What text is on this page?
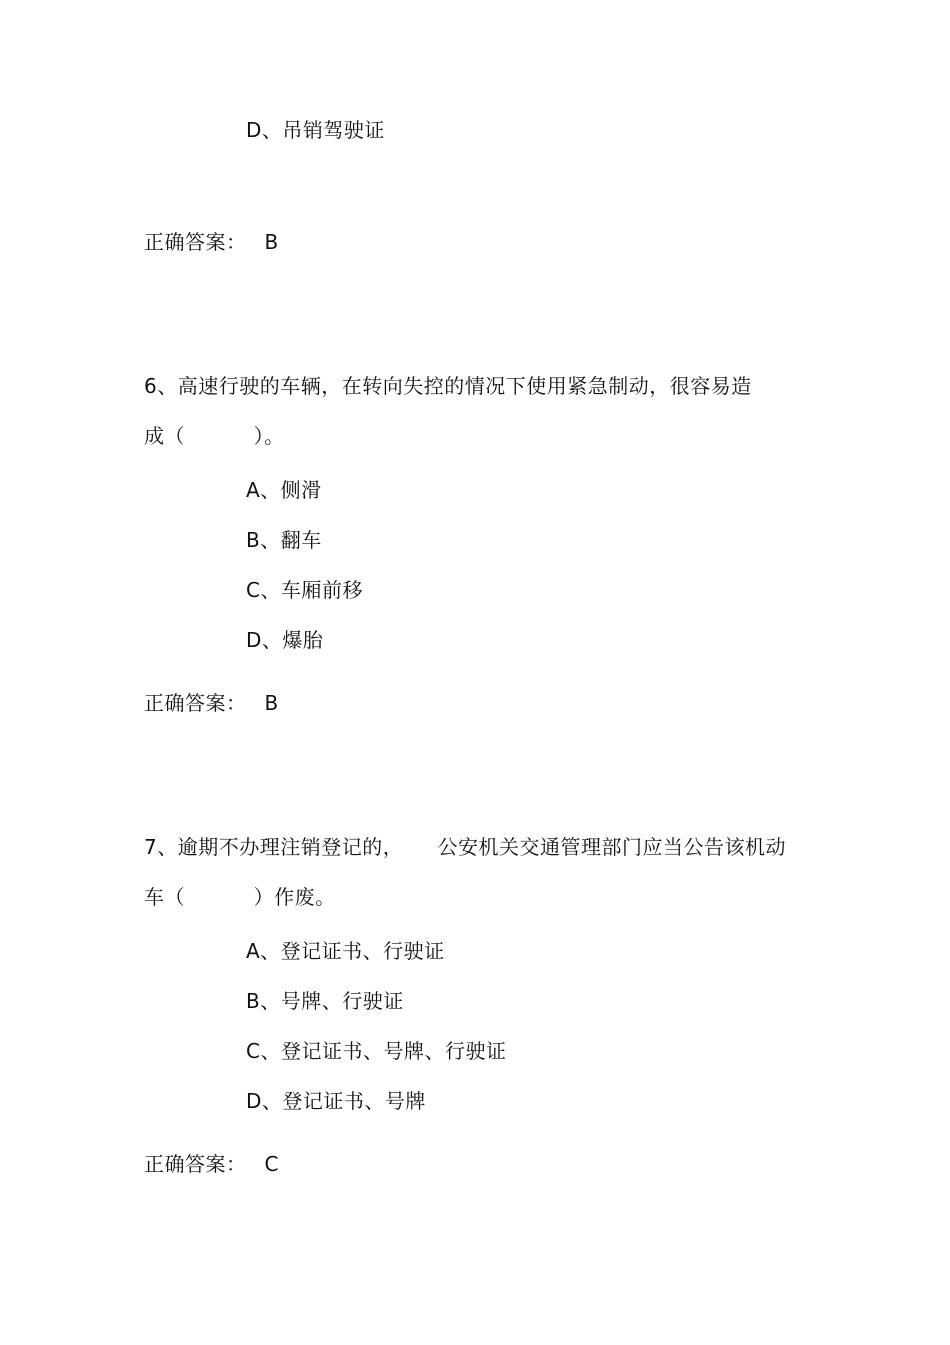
D、吊销驾驶证
正确答案： B
6、高速行驶的车辆，在转向失控的情况下使用紧急制动，很容易造
成（          ）。
A、侧滑
B、翻车
C、车厢前移
D、爆胎
正确答案： B
7、逾期不办理注销登记的，     公安机关交通管理部门应当公告该机动
车（          ）作废。
A、登记证书、行驶证
B、号牌、行驶证
C、登记证书、号牌、行驶证
D、登记证书、号牌
正确答案： C
